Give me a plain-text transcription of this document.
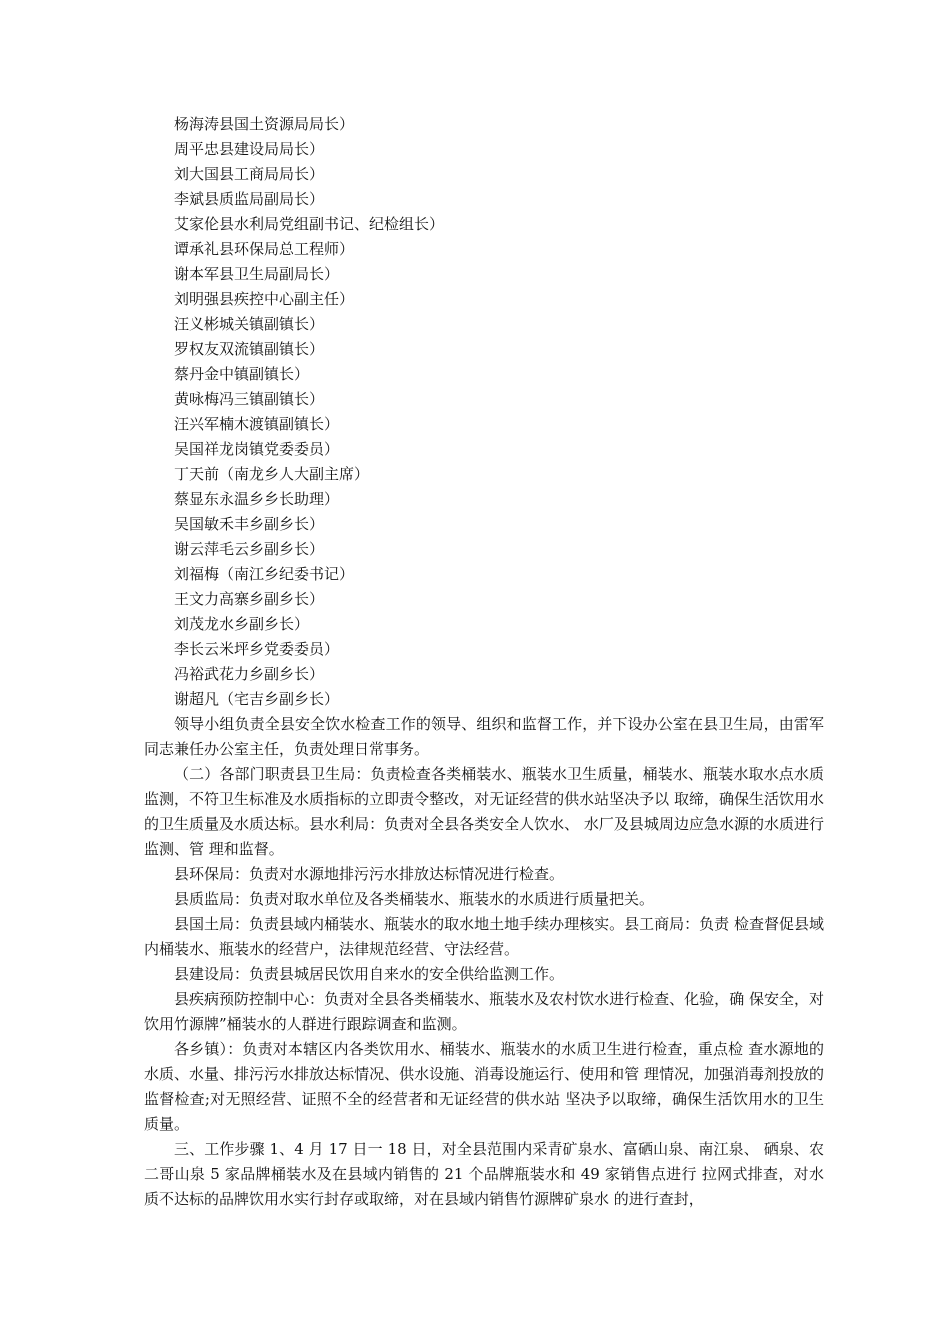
杨海涛县国土资源局局长）
周平忠县建设局局长）
刘大国县工商局局长）
李斌县质监局副局长）
艾家伦县水利局党组副书记、纪检组长）
谭承礼县环保局总工程师）
谢本军县卫生局副局长）
刘明强县疾控中心副主任）
汪义彬城关镇副镇长）
罗权友双流镇副镇长）
蔡丹金中镇副镇长）
黄咏梅冯三镇副镇长）
汪兴军楠木渡镇副镇长）
吴国祥龙岗镇党委委员）
丁天前（南龙乡人大副主席）
蔡显东永温乡乡长助理）
吴国敏禾丰乡副乡长）
谢云萍毛云乡副乡长）
刘福梅（南江乡纪委书记）
王文力高寨乡副乡长）
刘茂龙水乡副乡长）
李长云米坪乡党委委员）
冯裕武花力乡副乡长）
谢超凡（宅吉乡副乡长）

领导小组负责全县安全饮水检查工作的领导、组织和监督工作，并下设办公室在县卫生局，由雷军同志兼任办公室主任，负责处理日常事务。

（二）各部门职责县卫生局：负责检查各类桶装水、瓶装水卫生质量，桶装水、瓶装水取水点水质监测，不符卫生标准及水质指标的立即责令整改，对无证经营的供水站坚决予以 取缔，确保生活饮用水的卫生质量及水质达标。县水利局：负责对全县各类安全人饮水、 水厂及县城周边应急水源的水质进行监测、管 理和监督。

县环保局：负责对水源地排污污水排放达标情况进行检查。

县质监局：负责对取水单位及各类桶装水、瓶装水的水质进行质量把关。

县国土局：负责县域内桶装水、瓶装水的取水地土地手续办理核实。县工商局：负责 检查督促县域内桶装水、瓶装水的经营户，法律规范经营、守法经营。

县建设局：负责县城居民饮用自来水的安全供给监测工作。

县疾病预防控制中心：负责对全县各类桶装水、瓶装水及农村饮水进行检查、化验，确 保安全，对饮用竹源牌”桶装水的人群进行跟踪调查和监测。

各乡镇）：负责对本辖区内各类饮用水、桶装水、瓶装水的水质卫生进行检查，重点检 查水源地的水质、水量、排污污水排放达标情况、供水设施、消毒设施运行、使用和管 理情况，加强消毒剂投放的监督检查;对无照经营、证照不全的经营者和无证经营的供水站 坚决予以取缔，确保生活饮用水的卫生质量。

三、工作步骤 1、4 月 17 日一 18 日，对全县范围内采青矿泉水、富硒山泉、南江泉、 硒泉、农二哥山泉 5 家品牌桶装水及在县域内销售的 21 个品牌瓶装水和 49 家销售点进行 拉网式排查，对水质不达标的品牌饮用水实行封存或取缔，对在县域内销售竹源牌矿泉水 的进行查封，
